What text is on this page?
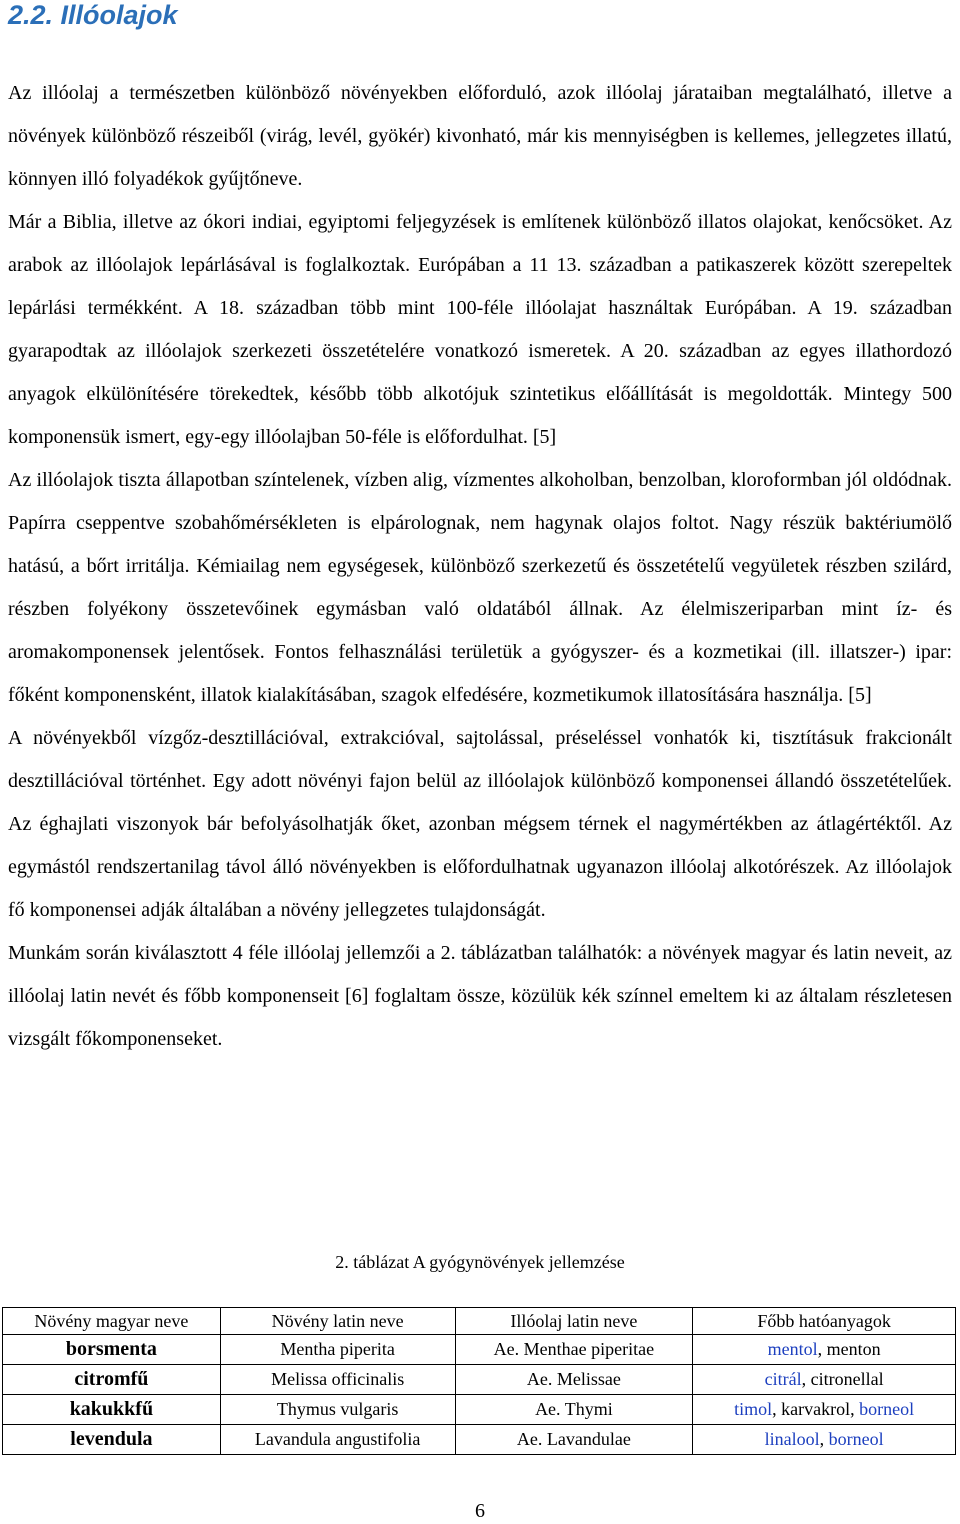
2.2. Illóolajok

Az illóolaj a természetben különböző növényekben előforduló, azok illóolaj járataiban megtalálható, illetve a növények különböző részeiből (virág, levél, gyökér) kivonható, már kis mennyiségben is kellemes, jellegzetes illatú, könnyen illó folyadékok gyűjtőneve.

Már a Biblia, illetve az ókori indiai, egyiptomi feljegyzések is említenek különböző illatos olajokat, kenőcsöket. Az arabok az illóolajok lepárlásával is foglalkoztak. Európában a 11 13. században a patikaszerek között szerepeltek lepárlási termékként. A 18. században több mint 100-féle illóolajat használtak Európában. A 19. században gyarapodtak az illóolajok szerkezeti összetételére vonatkozó ismeretek. A 20. században az egyes illathordozó anyagok elkülönítésére törekedtek, később több alkotójuk szintetikus előállítását is megoldották. Mintegy 500 komponensük ismert, egy-egy illóolajban 50-féle is előfordulhat. [5]

Az illóolajok tiszta állapotban színtelenek, vízben alig, vízmentes alkoholban, benzolban, kloroformban jól oldódnak. Papírra cseppentve szobahőmérsékleten is elpárolognak, nem hagynak olajos foltot. Nagy részük baktériumölő hatású, a bőrt irritálja. Kémiailag nem egységesek, különböző szerkezetű és összetételű vegyületek részben szilárd, részben folyékony összetevőinek egymásban való oldatából állnak. Az élelmiszeriparban mint íz- és aromakomponensek jelentősek. Fontos felhasználási területük a gyógyszer- és a kozmetikai (ill. illatszer-) ipar: főként komponensként, illatok kialakításában, szagok elfedésére, kozmetikumok illatosítására használja. [5]

A növényekből vízgőz-desztillációval, extrakcióval, sajtolással, préseléssel vonhatók ki, tisztításuk frakcionált desztillációval történhet. Egy adott növényi fajon belül az illóolajok különböző komponensei állandó összetételűek. Az éghajlati viszonyok bár befolyásolhatják őket, azonban mégsem térnek el nagymértékben az átlagértéktől. Az egymástól rendszertanilag távol álló növényekben is előfordulhatnak ugyanazon illóolaj alkotórészek. Az illóolajok fő komponensei adják általában a növény jellegzetes tulajdonságát.

Munkám során kiválasztott 4 féle illóolaj jellemzői a 2. táblázatban találhatók: a növények magyar és latin neveit, az illóolaj latin nevét és főbb komponenseit [6] foglaltam össze, közülük kék színnel emeltem ki az általam részletesen vizsgált főkomponenseket.

2. táblázat A gyógynövények jellemzése
Növény magyar neve	Növény latin neve	Illóolaj latin neve	Főbb hatóanyagok
borsmenta	Mentha piperita	Ae. Menthae piperitae	mentol, menton
citromfű	Melissa officinalis	Ae. Melissae	citrál, citronellal
kakukkfű	Thymus vulgaris	Ae. Thymi	timol, karvakrol, borneol
levendula	Lavandula angustifolia	Ae. Lavandulae	linalool, borneol
6
